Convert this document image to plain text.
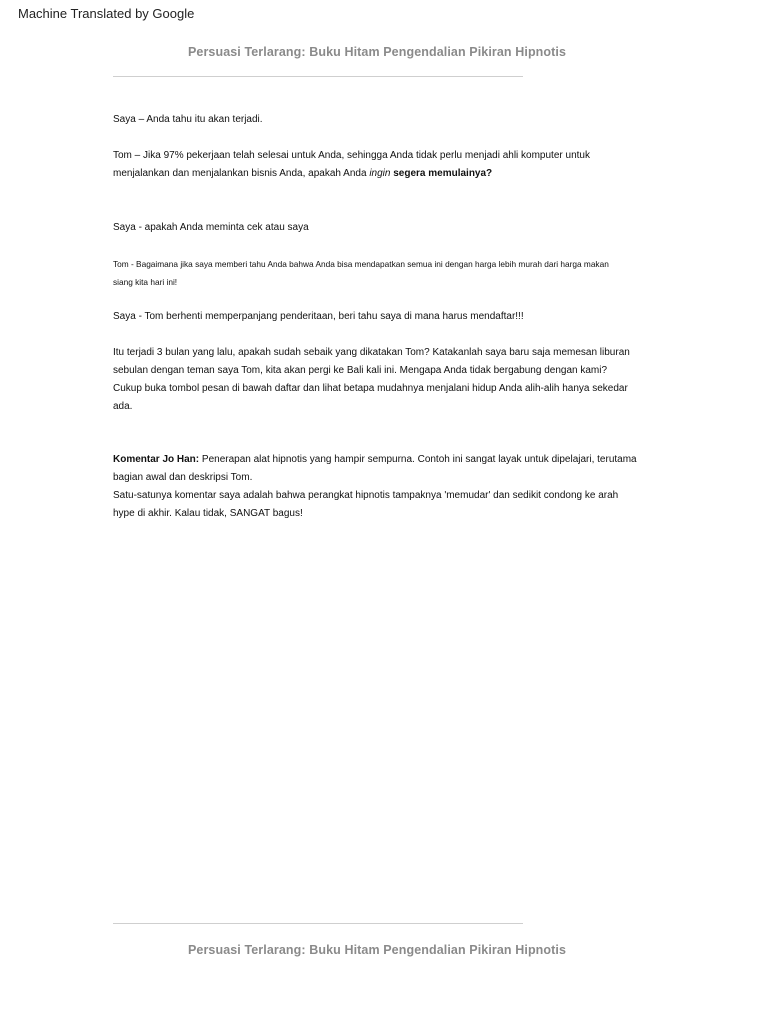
Machine Translated by Google
Persuasi Terlarang: Buku Hitam Pengendalian Pikiran Hipnotis
Saya – Anda tahu itu akan terjadi.
Tom – Jika 97% pekerjaan telah selesai untuk Anda, sehingga Anda tidak perlu menjadi ahli komputer untuk
menjalankan dan menjalankan bisnis Anda, apakah Anda ingin segera memulainya?
Saya - apakah Anda meminta cek atau saya
Tom - Bagaimana jika saya memberi tahu Anda bahwa Anda bisa mendapatkan semua ini dengan harga lebih murah dari harga makan
siang kita hari ini!
Saya - Tom berhenti memperpanjang penderitaan, beri tahu saya di mana harus mendaftar!!!
Itu terjadi 3 bulan yang lalu, apakah sudah sebaik yang dikatakan Tom? Katakanlah saya baru saja memesan liburan
sebulan dengan teman saya Tom, kita akan pergi ke Bali kali ini. Mengapa Anda tidak bergabung dengan kami?
Cukup buka tombol pesan di bawah daftar dan lihat betapa mudahnya menjalani hidup Anda alih-alih hanya sekedar
ada.
Komentar Jo Han: Penerapan alat hipnotis yang hampir sempurna. Contoh ini sangat layak untuk dipelajari, terutama
bagian awal dan deskripsi Tom.
Satu-satunya komentar saya adalah bahwa perangkat hipnotis tampaknya 'memudar' dan sedikit condong ke arah
hype di akhir. Kalau tidak, SANGAT bagus!
Persuasi Terlarang: Buku Hitam Pengendalian Pikiran Hipnotis
